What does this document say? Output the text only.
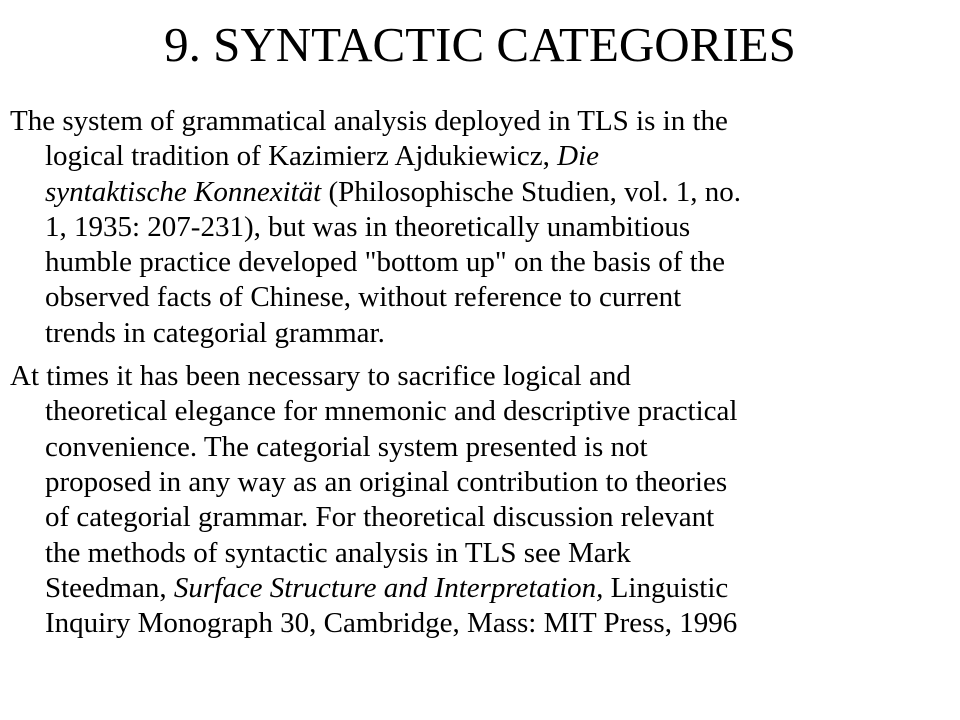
9. SYNTACTIC CATEGORIES

The system of grammatical analysis deployed in TLS is in the
logical tradition of Kazimierz Ajdukiewicz, Die
syntaktische Konnexität (Philosophische Studien, vol. 1, no.
1, 1935: 207-231), but was in theoretically unambitious
humble practice developed "bottom up" on the basis of the
observed facts of Chinese, without reference to current
trends in categorial grammar.

At times it has been necessary to sacrifice logical and
theoretical elegance for mnemonic and descriptive practical
convenience. The categorial system presented is not
proposed in any way as an original contribution to theories
of categorial grammar. For theoretical discussion relevant
the methods of syntactic analysis in TLS see Mark
Steedman, Surface Structure and Interpretation, Linguistic
Inquiry Monograph 30, Cambridge, Mass: MIT Press, 1996
